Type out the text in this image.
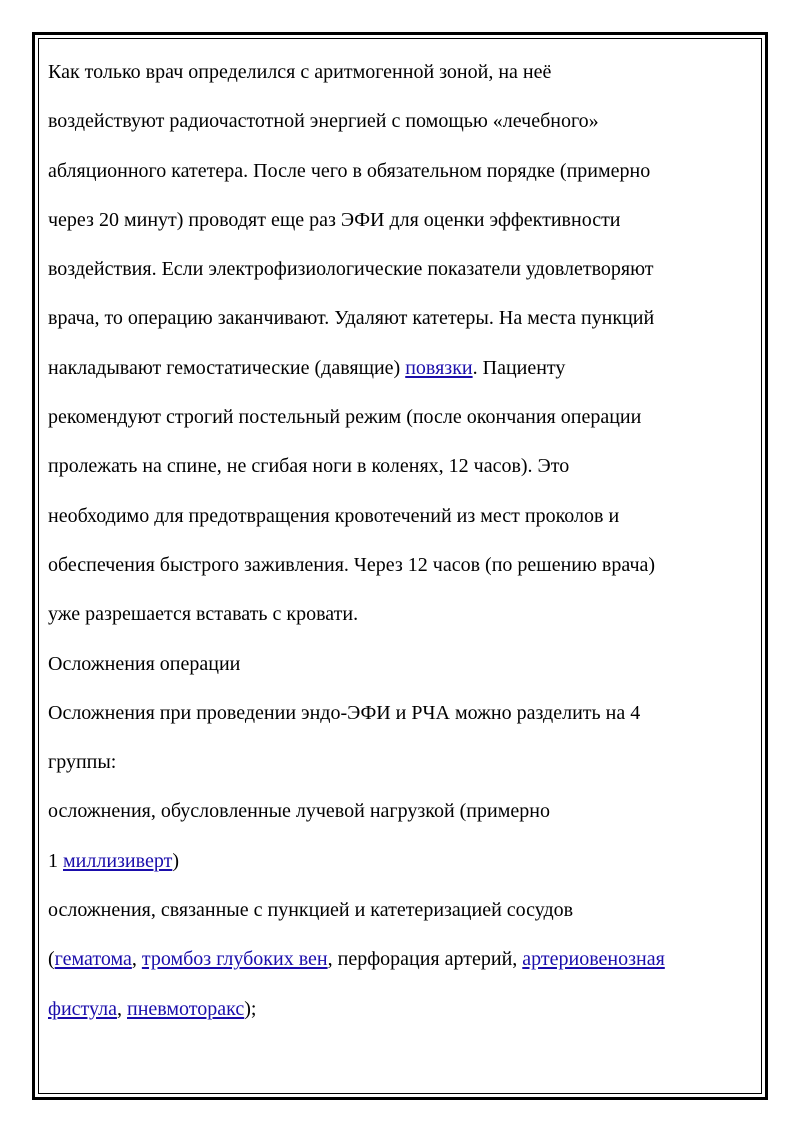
Как только врач определился с аритмогенной зоной, на неё
воздействуют радиочастотной энергией с помощью «лечебного»
абляционного катетера. После чего в обязательном порядке (примерно
через 20 минут) проводят еще раз ЭФИ для оценки эффективности
воздействия. Если электрофизиологические показатели удовлетворяют
врача, то операцию заканчивают. Удаляют катетеры. На места пункций
накладывают гемостатические (давящие) повязки. Пациенту
рекомендуют строгий постельный режим (после окончания операции
пролежать на спине, не сгибая ноги в коленях, 12 часов). Это
необходимо для предотвращения кровотечений из мест проколов и
обеспечения быстрого заживления. Через 12 часов (по решению врача)
уже разрешается вставать с кровати.
Осложнения операции
Осложнения при проведении эндо-ЭФИ и РЧА можно разделить на 4
группы:
осложнения, обусловленные лучевой нагрузкой (примерно
1 миллизиверт)
осложнения, связанные с пункцией и катетеризацией сосудов
(гематома, тромбоз глубоких вен, перфорация артерий, артериовенозная
фистула, пневмоторакс);
